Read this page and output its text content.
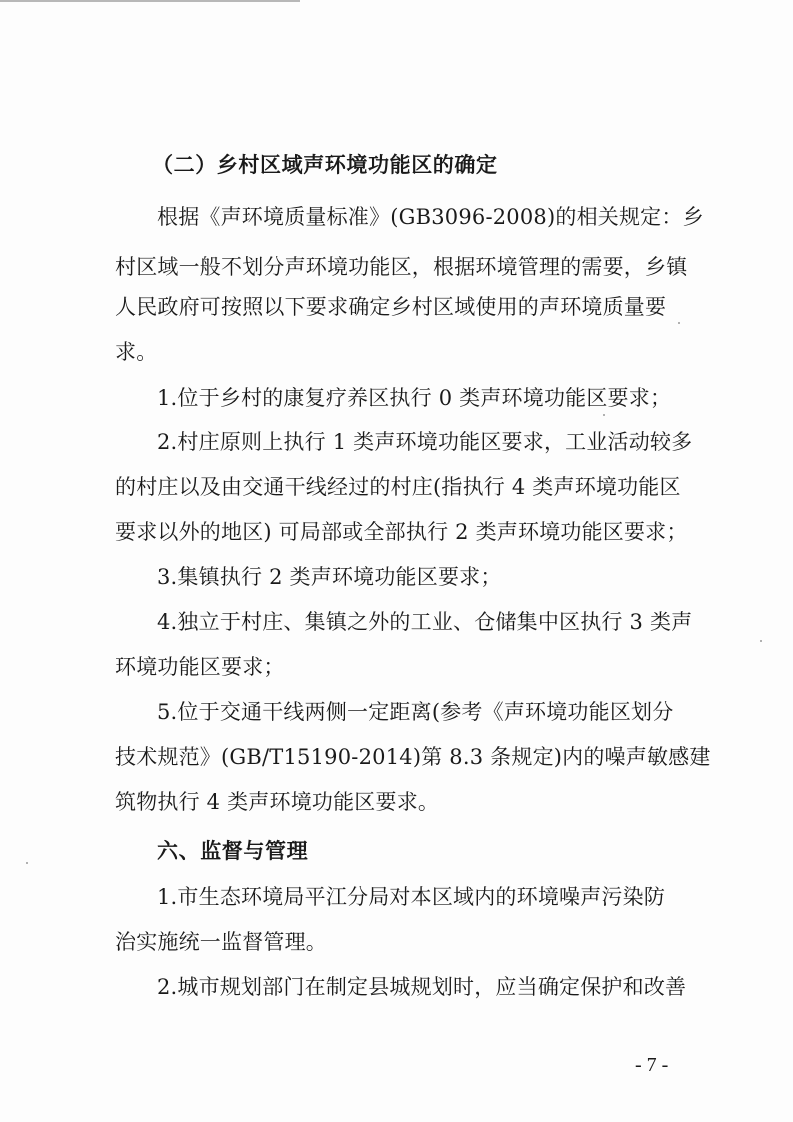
（二）乡村区域声环境功能区的确定
根据《声环境质量标准》(GB3096-2008)的相关规定：乡
村区域一般不划分声环境功能区，根据环境管理的需要，乡镇
人民政府可按照以下要求确定乡村区域使用的声环境质量要
求。
1.位于乡村的康复疗养区执行 0 类声环境功能区要求；
2.村庄原则上执行 1 类声环境功能区要求，工业活动较多
的村庄以及由交通干线经过的村庄(指执行 4 类声环境功能区
要求以外的地区) 可局部或全部执行 2 类声环境功能区要求；
3.集镇执行 2 类声环境功能区要求；
4.独立于村庄、集镇之外的工业、仓储集中区执行 3 类声
环境功能区要求；
5.位于交通干线两侧一定距离(参考《声环境功能区划分
技术规范》(GB/T15190-2014)第 8.3 条规定)内的噪声敏感建
筑物执行 4 类声环境功能区要求。
六、监督与管理
1.市生态环境局平江分局对本区域内的环境噪声污染防
治实施统一监督管理。
2.城市规划部门在制定县城规划时，应当确定保护和改善
- 7 -
